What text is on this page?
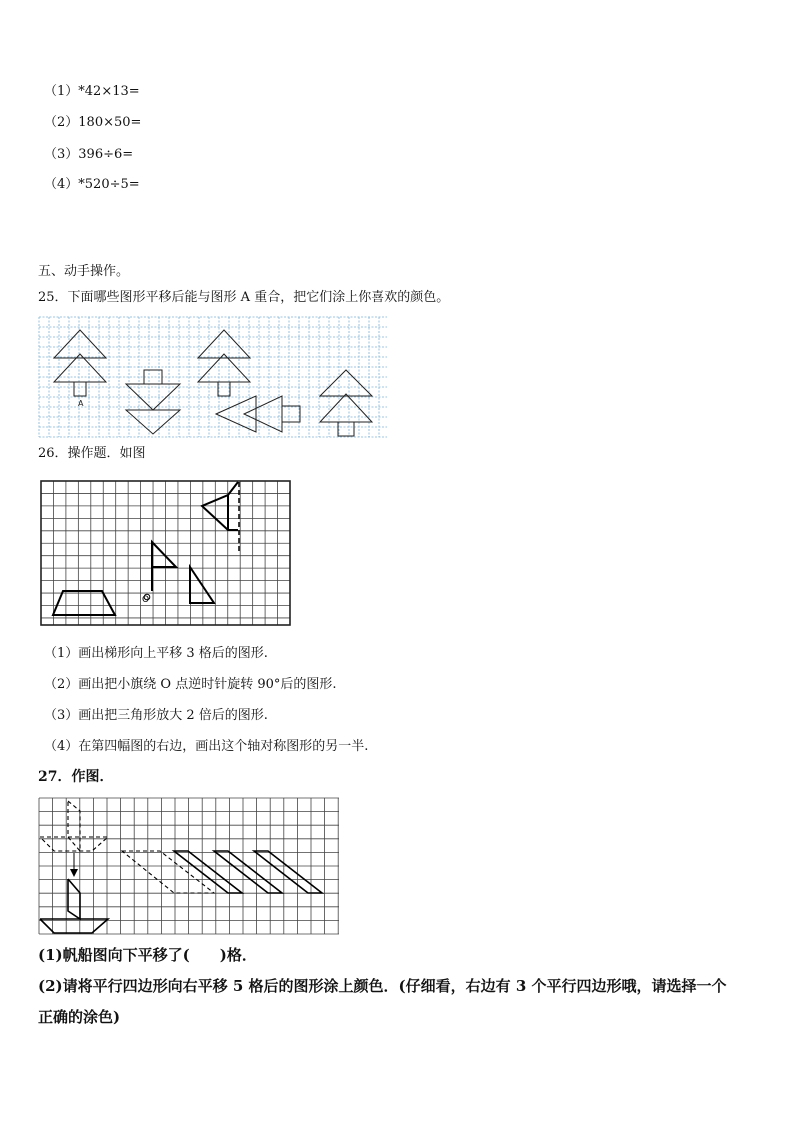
（1）*42×13=
（2）180×50=
（3）396÷6=
（4）*520÷5=
五、动手操作。
25．下面哪些图形平移后能与图形 A 重合，把它们涂上你喜欢的颜色。
A
26．操作题．如图
O
（1）画出梯形向上平移 3 格后的图形.
（2）画出把小旗绕 O 点逆时针旋转 90°后的图形.
（3）画出把三角形放大 2 倍后的图形.
（4）在第四幅图的右边，画出这个轴对称图形的另一半.
27．作图．
(1)帆船图向下平移了(　　)格．
(2)请将平行四边形向右平移 5 格后的图形涂上颜色．(仔细看，右边有 3 个平行四边形哦，请选择一个
正确的涂色)
